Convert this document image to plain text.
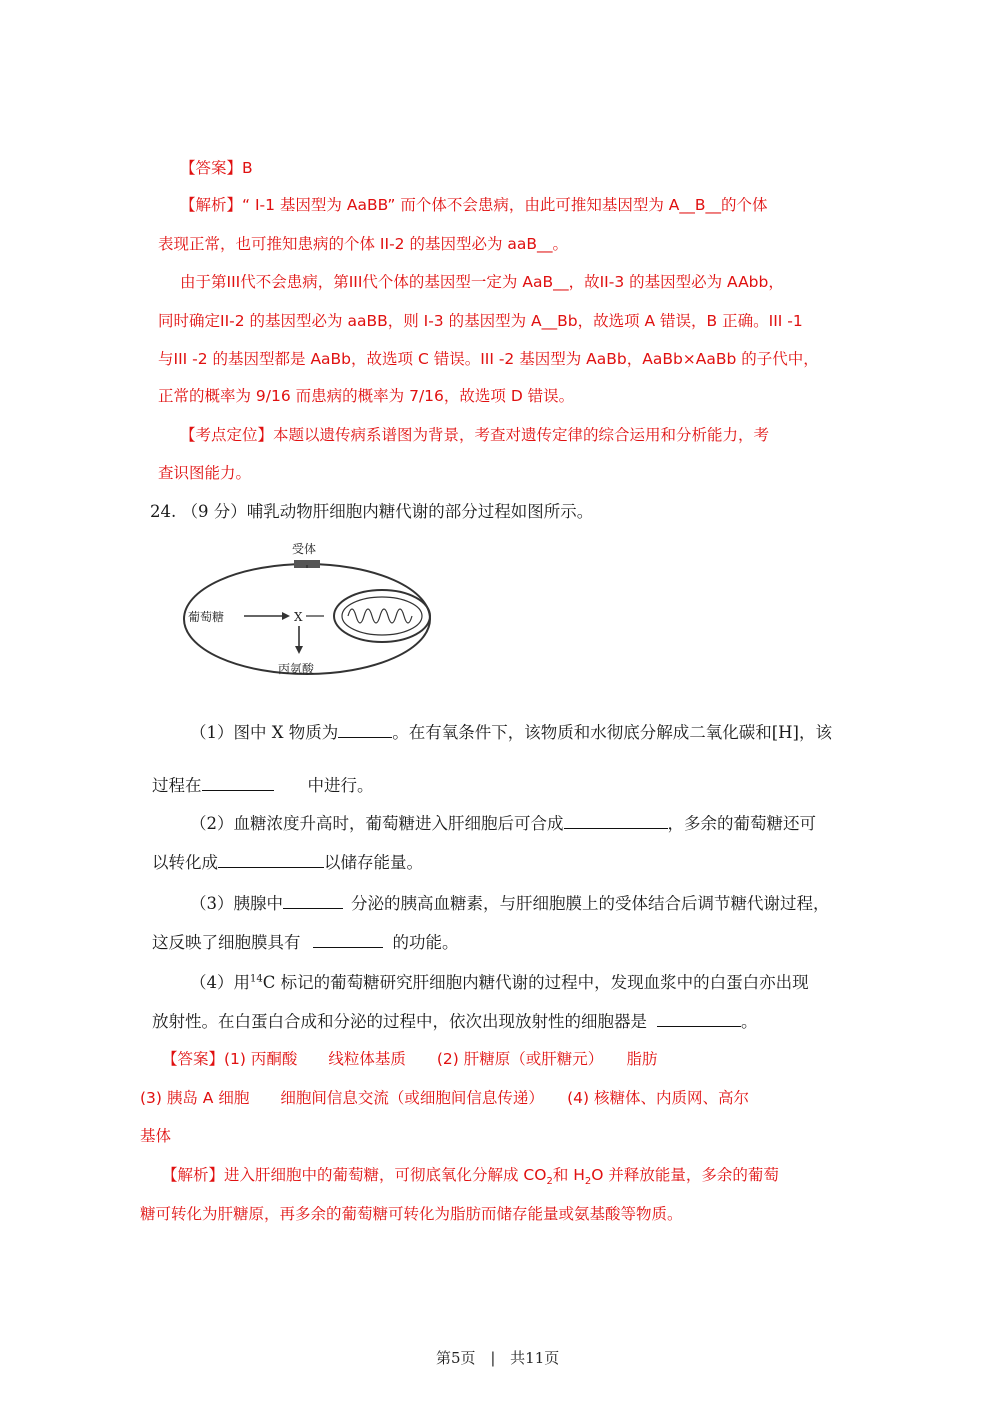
【答案】B
【解析】“ Ⅰ-1 基因型为 AaBB” 而个体不会患病，由此可推知基因型为 A__B__的个体
表现正常，也可推知患病的个体 II-2 的基因型必为 aaB__。
由于第III代不会患病，第III代个体的基因型一定为 AaB__，故II-3 的基因型必为 AAbb，
同时确定II-2 的基因型必为 aaBB，则 I-3 的基因型为 A__Bb，故选项 A 错误，B 正确。III -1
与III -2 的基因型都是 AaBb，故选项 C 错误。III -2 基因型为 AaBb，AaBb×AaBb 的子代中，
正常的概率为 9/16 而患病的概率为 7/16，故选项 D 错误。
【考点定位】本题以遗传病系谱图为背景，考查对遗传定律的综合运用和分析能力，考
查识图能力。
24. （9 分）哺乳动物肝细胞内糖代谢的部分过程如图所示。
受体
葡萄糖	X
丙氨酸
（1）图中 X 物质为	。在有氧条件下，该物质和水彻底分解成二氧化碳和[H]，该
过程在	中进行。
（2）血糖浓度升高时，葡萄糖进入肝细胞后可合成	，多余的葡萄糖还可
以转化成	以储存能量。
（3）胰腺中	分泌的胰高血糖素，与肝细胞膜上的受体结合后调节糖代谢过程，
这反映了细胞膜具有	的功能。
（4）用$^{14}$C 标记的葡萄糖研究肝细胞内糖代谢的过程中，发现血浆中的白蛋白亦出现
放射性。在白蛋白合成和分泌的过程中，依次出现放射性的细胞器是	。
【答案】(1) 丙酮酸　　线粒体基质　　(2) 肝糖原（或肝糖元）　　脂肪
(3) 胰岛 A 细胞　　细胞间信息交流（或细胞间信息传递）　　(4) 核糖体、内质网、高尔
基体
【解析】进入肝细胞中的葡萄糖，可彻底氧化分解成 $CO_2$和 $H_2O$ 并释放能量，多余的葡萄
糖可转化为肝糖原，再多余的葡萄糖可转化为脂肪而储存能量或氨基酸等物质。
第5页 | 共11页
